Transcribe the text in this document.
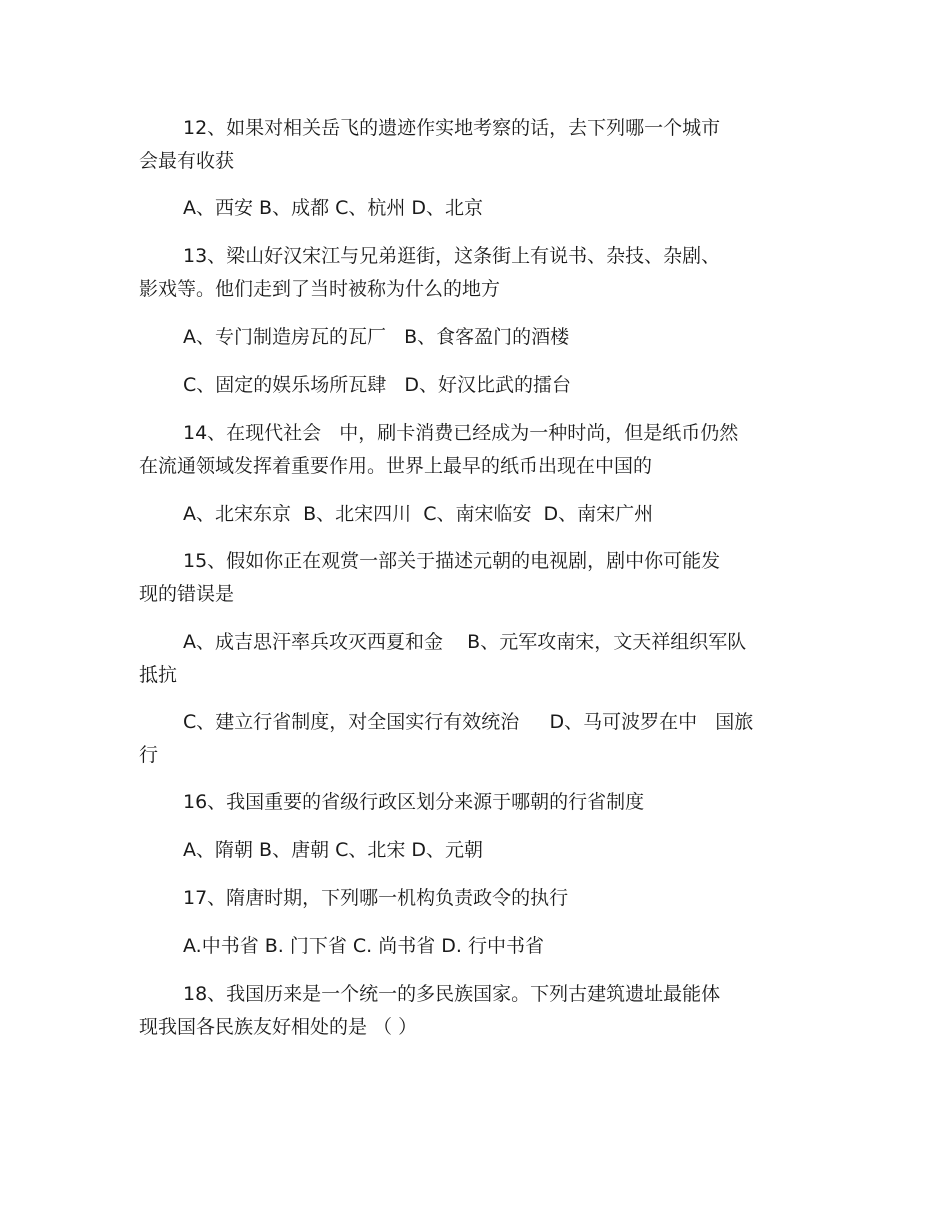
12、如果对相关岳飞的遗迹作实地考察的话，去下列哪一个城市
会最有收获
A、西安 B、成都 C、杭州 D、北京
13、梁山好汉宋江与兄弟逛街，这条街上有说书、杂技、杂剧、
影戏等。他们走到了当时被称为什么的地方
A、专门制造房瓦的瓦厂   B、食客盈门的酒楼
C、固定的娱乐场所瓦肆   D、好汉比武的擂台
14、在现代社会   中，刷卡消费已经成为一种时尚，但是纸币仍然
在流通领域发挥着重要作用。世界上最早的纸币出现在中国的
A、北宋东京  B、北宋四川  C、南宋临安  D、南宋广州
15、假如你正在观赏一部关于描述元朝的电视剧，剧中你可能发
现的错误是
A、成吉思汗率兵攻灭西夏和金    B、元军攻南宋，文天祥组织军队
抵抗
C、建立行省制度，对全国实行有效统治     D、马可波罗在中   国旅
行
16、我国重要的省级行政区划分来源于哪朝的行省制度
A、隋朝 B、唐朝 C、北宋 D、元朝
17、隋唐时期，下列哪一机构负责政令的执行
A.中书省 B. 门下省 C. 尚书省 D. 行中书省
18、我国历来是一个统一的多民族国家。下列古建筑遗址最能体
现我国各民族友好相处的是 （ ）
